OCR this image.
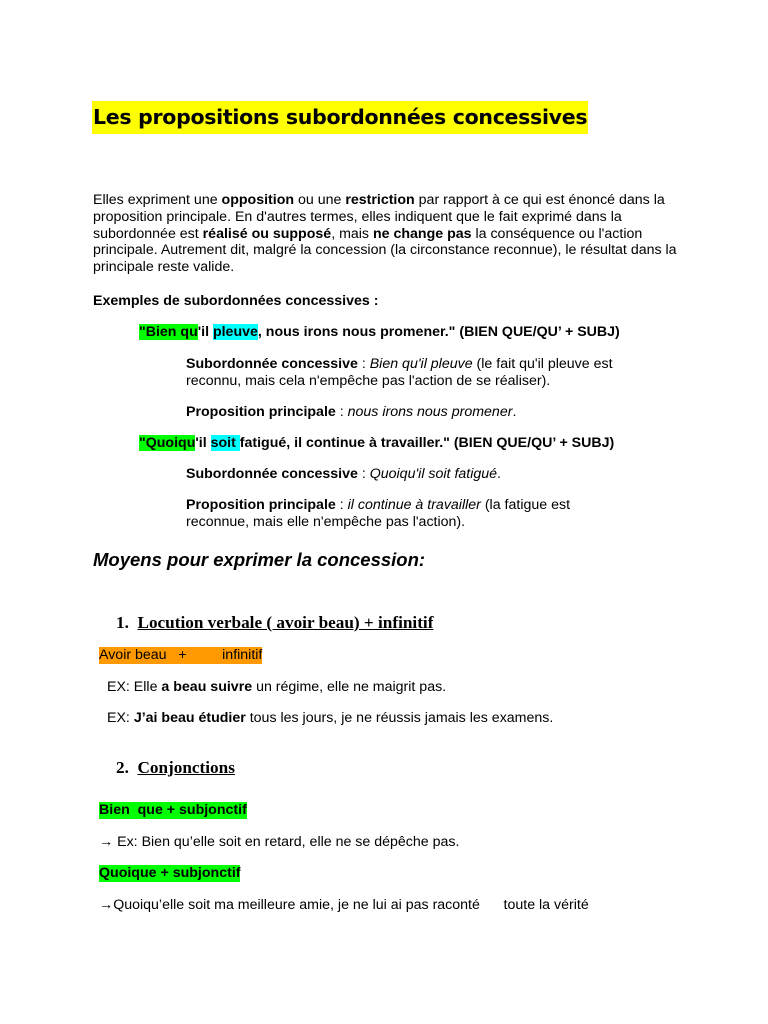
Les propositions subordonnées concessives

Elles expriment une opposition ou une restriction par rapport à ce qui est énoncé dans la proposition principale. En d'autres termes, elles indiquent que le fait exprimé dans la subordonnée est réalisé ou supposé, mais ne change pas la conséquence ou l'action principale. Autrement dit, malgré la concession (la circonstance reconnue), le résultat dans la principale reste valide.

Exemples de subordonnées concessives :
"Bien qu'il pleuve, nous irons nous promener." (BIEN QUE/QU’ + SUBJ)
Subordonnée concessive : Bien qu'il pleuve (le fait qu'il pleuve est reconnu, mais cela n'empêche pas l'action de se réaliser).
Proposition principale : nous irons nous promener.
"Quoiqu'il soit fatigué, il continue à travailler." (BIEN QUE/QU’ + SUBJ)
Subordonnée concessive : Quoiqu'il soit fatigué.
Proposition principale : il continue à travailler (la fatigue est reconnue, mais elle n'empêche pas l'action).
Moyens pour exprimer la concession:
1. Locution verbale ( avoir beau) + infinitif
Avoir beau   +         infinitif
EX: Elle a beau suivre un régime, elle ne maigrit pas.
EX: J’ai beau étudier tous les jours, je ne réussis jamais les examens.
2. Conjonctions
Bien  que + subjonctif
→ Ex: Bien qu’elle soit en retard, elle ne se dépêche pas.
Quoique + subjonctif
→Quoiqu’elle soit ma meilleure amie, je ne lui ai pas raconté      toute la vérité
